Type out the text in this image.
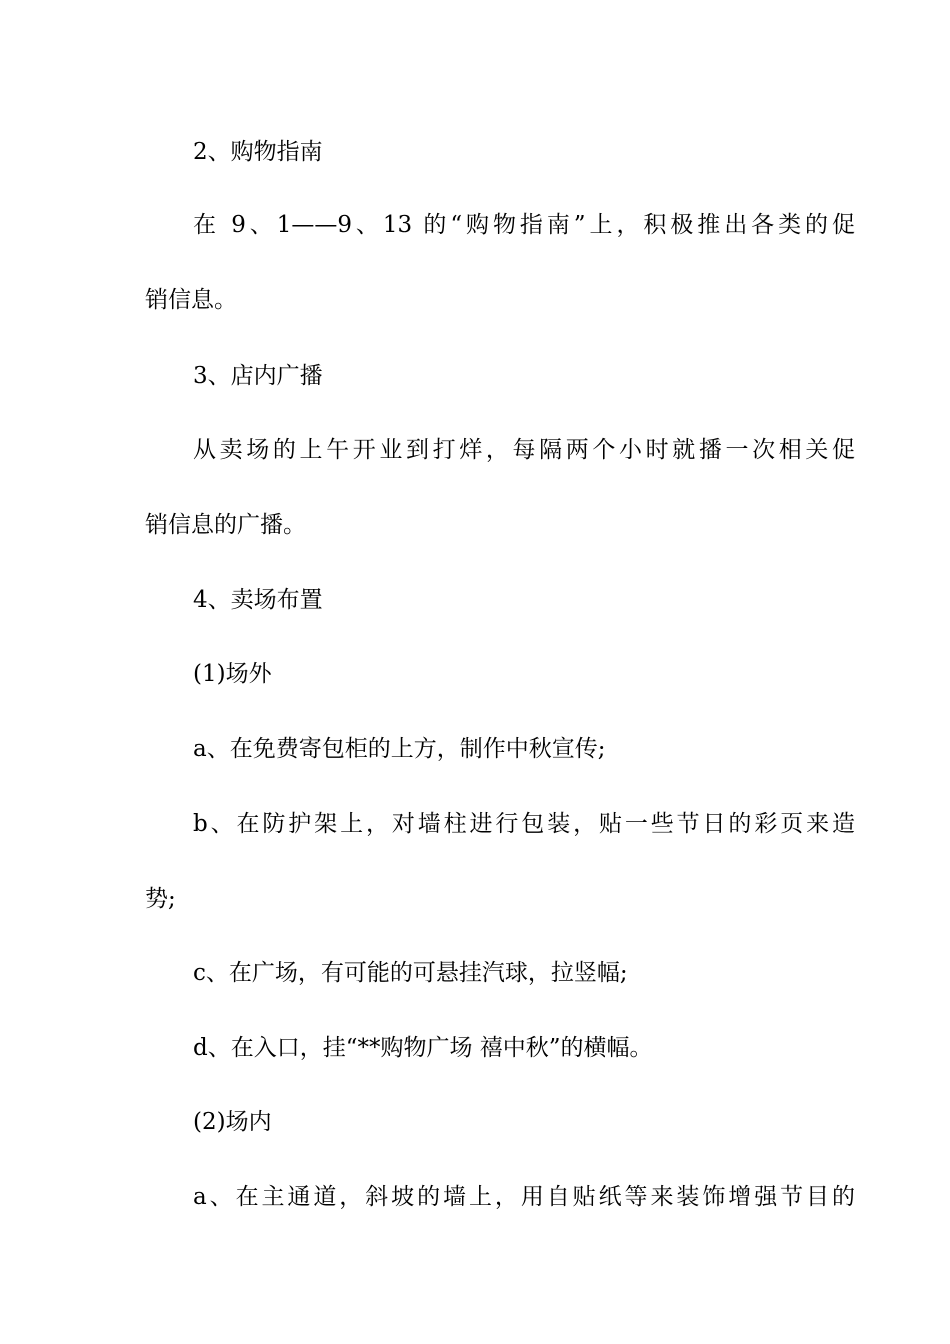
2、购物指南
在 9、1——9、13 的“购物指南”上，积极推出各类的促
销信息。
3、店内广播
从卖场的上午开业到打烊，每隔两个小时就播一次相关促
销信息的广播。
4、卖场布置
(1)场外
a、在免费寄包柜的上方，制作中秋宣传;
b、在防护架上，对墙柱进行包装，贴一些节日的彩页来造
势;
c、在广场，有可能的可悬挂汽球，拉竖幅;
d、在入口，挂“**购物广场 禧中秋”的横幅。
(2)场内
a、在主通道，斜坡的墙上，用自贴纸等来装饰增强节目的
